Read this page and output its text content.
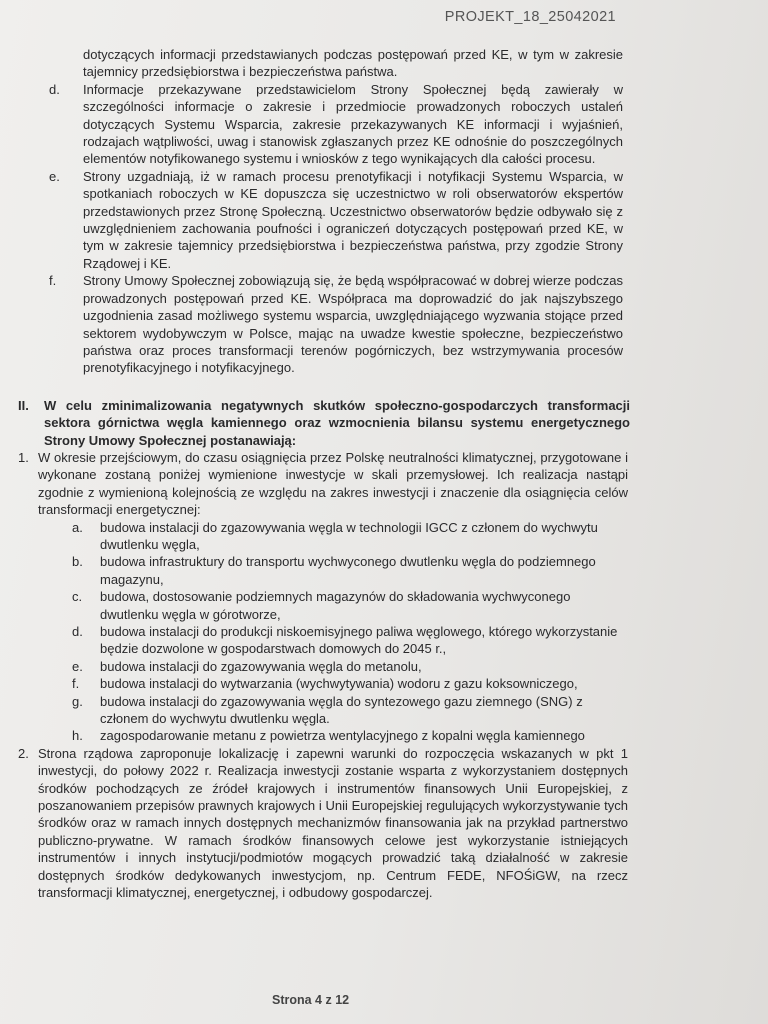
PROJEKT_18_25042021
dotyczących informacji przedstawianych podczas postępowań przed KE, w tym w zakresie tajemnicy przedsiębiorstwa i bezpieczeństwa państwa.
d. Informacje przekazywane przedstawicielom Strony Społecznej będą zawierały w szczególności informacje o zakresie i przedmiocie prowadzonych roboczych ustaleń dotyczących Systemu Wsparcia, zakresie przekazywanych KE informacji i wyjaśnień, rodzajach wątpliwości, uwag i stanowisk zgłaszanych przez KE odnośnie do poszczególnych elementów notyfikowanego systemu i wniosków z tego wynikających dla całości procesu.
e. Strony uzgadniają, iż w ramach procesu prenotyfikacji i notyfikacji Systemu Wsparcia, w spotkaniach roboczych w KE dopuszcza się uczestnictwo w roli obserwatorów ekspertów przedstawionych przez Stronę Społeczną. Uczestnictwo obserwatorów będzie odbywało się z uwzględnieniem zachowania poufności i ograniczeń dotyczących postępowań przed KE, w tym w zakresie tajemnicy przedsiębiorstwa i bezpieczeństwa państwa, przy zgodzie Strony Rządowej i KE.
f. Strony Umowy Społecznej zobowiązują się, że będą współpracować w dobrej wierze podczas prowadzonych postępowań przed KE. Współpraca ma doprowadzić do jak najszybszego uzgodnienia zasad możliwego systemu wsparcia, uwzględniającego wyzwania stojące przed sektorem wydobywczym w Polsce, mając na uwadze kwestie społeczne, bezpieczeństwo państwa oraz proces transformacji terenów pogórniczych, bez wstrzymywania procesów prenotyfikacyjnego i notyfikacyjnego.
II. W celu zminimalizowania negatywnych skutków społeczno-gospodarczych transformacji sektora górnictwa węgla kamiennego oraz wzmocnienia bilansu systemu energetycznego Strony Umowy Społecznej postanawiają:
1. W okresie przejściowym, do czasu osiągnięcia przez Polskę neutralności klimatycznej, przygotowane i wykonane zostaną poniżej wymienione inwestycje w skali przemysłowej. Ich realizacja nastąpi zgodnie z wymienioną kolejnością ze względu na zakres inwestycji i znaczenie dla osiągnięcia celów transformacji energetycznej:
a. budowa instalacji do zgazowywania węgla w technologii IGCC z członem do wychwytu dwutlenku węgla,
b. budowa infrastruktury do transportu wychwyconego dwutlenku węgla do podziemnego magazynu,
c. budowa, dostosowanie podziemnych magazynów do składowania wychwyconego dwutlenku węgla w górotworze,
d. budowa instalacji do produkcji niskoemisyjnego paliwa węglowego, którego wykorzystanie będzie dozwolone w gospodarstwach domowych do 2045 r.,
e. budowa instalacji do zgazowywania węgla do metanolu,
f. budowa instalacji do wytwarzania (wychwytywania) wodoru z gazu koksowniczego,
g. budowa instalacji do zgazowywania węgla do syntezowego gazu ziemnego (SNG) z członem do wychwytu dwutlenku węgla.
h. zagospodarowanie metanu z powietrza wentylacyjnego z kopalni węgla kamiennego
2. Strona rządowa zaproponuje lokalizację i zapewni warunki do rozpoczęcia wskazanych w pkt 1 inwestycji, do połowy 2022 r. Realizacja inwestycji zostanie wsparta z wykorzystaniem dostępnych środków pochodzących ze źródeł krajowych i instrumentów finansowych Unii Europejskiej, z poszanowaniem przepisów prawnych krajowych i Unii Europejskiej regulujących wykorzystywanie tych środków oraz w ramach innych dostępnych mechanizmów finansowania jak na przykład partnerstwo publiczno-prywatne. W ramach środków finansowych celowe jest wykorzystanie istniejących instrumentów i innych instytucji/podmiotów mogących prowadzić taką działalność w zakresie dostępnych środków dedykowanych inwestycjom, np. Centrum FEDE, NFOŚiGW, na rzecz transformacji klimatycznej, energetycznej, i odbudowy gospodarczej.
Strona 4 z 12
